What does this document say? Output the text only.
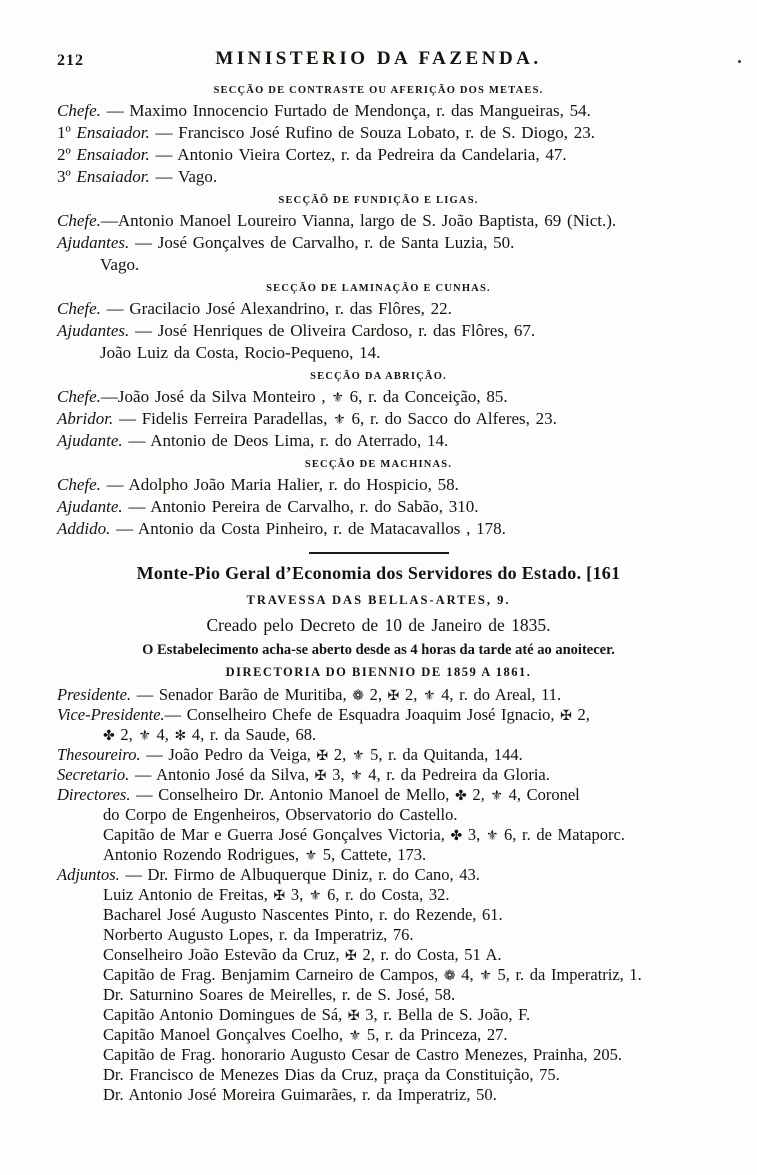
212	MINISTERIO DA FAZENDA.
SECÇÃO DE CONTRASTE OU AFERIÇÃO DOS METAES.
Chefe. — Maximo Innocencio Furtado de Mendonça, r. das Mangueiras, 54.
1º Ensaiador. — Francisco José Rufino de Souza Lobato, r. de S. Diogo, 23.
2º Ensaiador. — Antonio Vieira Cortez, r. da Pedreira da Candelaria, 47.
3º Ensaiador. — Vago.
SECÇÃÕ DE FUNDIÇÃO E LIGAS.
Chefe.—Antonio Manoel Loureiro Vianna, largo de S. João Baptista, 69 (Nict.).
Ajudantes. — José Gonçalves de Carvalho, r. de Santa Luzia, 50.
Vago.
SECÇÃO DE LAMINAÇÃO E CUNHAS.
Chefe. — Gracilacio José Alexandrino, r. das Flôres, 22.
Ajudantes. — José Henriques de Oliveira Cardoso, r. das Flôres, 67.
João Luiz da Costa, Rocio-Pequeno, 14.
SECÇÃO DA ABRIÇÃO.
Chefe.—João José da Silva Monteiro , ⚜ 6, r. da Conceição, 85.
Abridor. — Fidelis Ferreira Paradellas, ⚜ 6, r. do Sacco do Alferes, 23.
Ajudante. — Antonio de Deos Lima, r. do Aterrado, 14.
SECÇÃO DE MACHINAS.
Chefe. — Adolpho João Maria Halier, r. do Hospicio, 58.
Ajudante. — Antonio Pereira de Carvalho, r. do Sabão, 310.
Addido. — Antonio da Costa Pinheiro, r. de Matacavallos , 178.
Monte-Pio Geral d’Economia dos Servidores do Estado. [161
TRAVESSA DAS BELLAS-ARTES, 9.
Creado pelo Decreto de 10 de Janeiro de 1835.
O Estabelecimento acha-se aberto desde as 4 horas da tarde até ao anoitecer.
DIRECTORIA DO BIENNIO DE 1859 A 1861.
Presidente. — Senador Barão de Muritiba, ❁ 2, ✠ 2, ⚜ 4, r. do Areal, 11.
Vice-Presidente.— Conselheiro Chefe de Esquadra Joaquim José Ignacio, ✠ 2,
✤ 2, ⚜ 4, ✻ 4, r. da Saude, 68.
Thesoureiro. — João Pedro da Veiga, ✠ 2, ⚜ 5, r. da Quitanda, 144.
Secretario. — Antonio José da Silva, ✠ 3, ⚜ 4, r. da Pedreira da Gloria.
Directores. — Conselheiro Dr. Antonio Manoel de Mello, ✤ 2, ⚜ 4, Coronel
do Corpo de Engenheiros, Observatorio do Castello.
Capitão de Mar e Guerra José Gonçalves Victoria, ✤ 3, ⚜ 6, r. de Mataporc.
Antonio Rozendo Rodrigues, ⚜ 5, Cattete, 173.
Adjuntos. — Dr. Firmo de Albuquerque Diniz, r. do Cano, 43.
Luiz Antonio de Freitas, ✠ 3, ⚜ 6, r. do Costa, 32.
Bacharel José Augusto Nascentes Pinto, r. do Rezende, 61.
Norberto Augusto Lopes, r. da Imperatriz, 76.
Conselheiro João Estevão da Cruz, ✠ 2, r. do Costa, 51 A.
Capitão de Frag. Benjamim Carneiro de Campos, ❁ 4, ⚜ 5, r. da Imperatriz, 1.
Dr. Saturnino Soares de Meirelles, r. de S. José, 58.
Capitão Antonio Domingues de Sá, ✠ 3, r. Bella de S. João, F.
Capitão Manoel Gonçalves Coelho, ⚜ 5, r. da Princeza, 27.
Capitão de Frag. honorario Augusto Cesar de Castro Menezes, Prainha, 205.
Dr. Francisco de Menezes Dias da Cruz, praça da Constituição, 75.
Dr. Antonio José Moreira Guimarães, r. da Imperatriz, 50.
